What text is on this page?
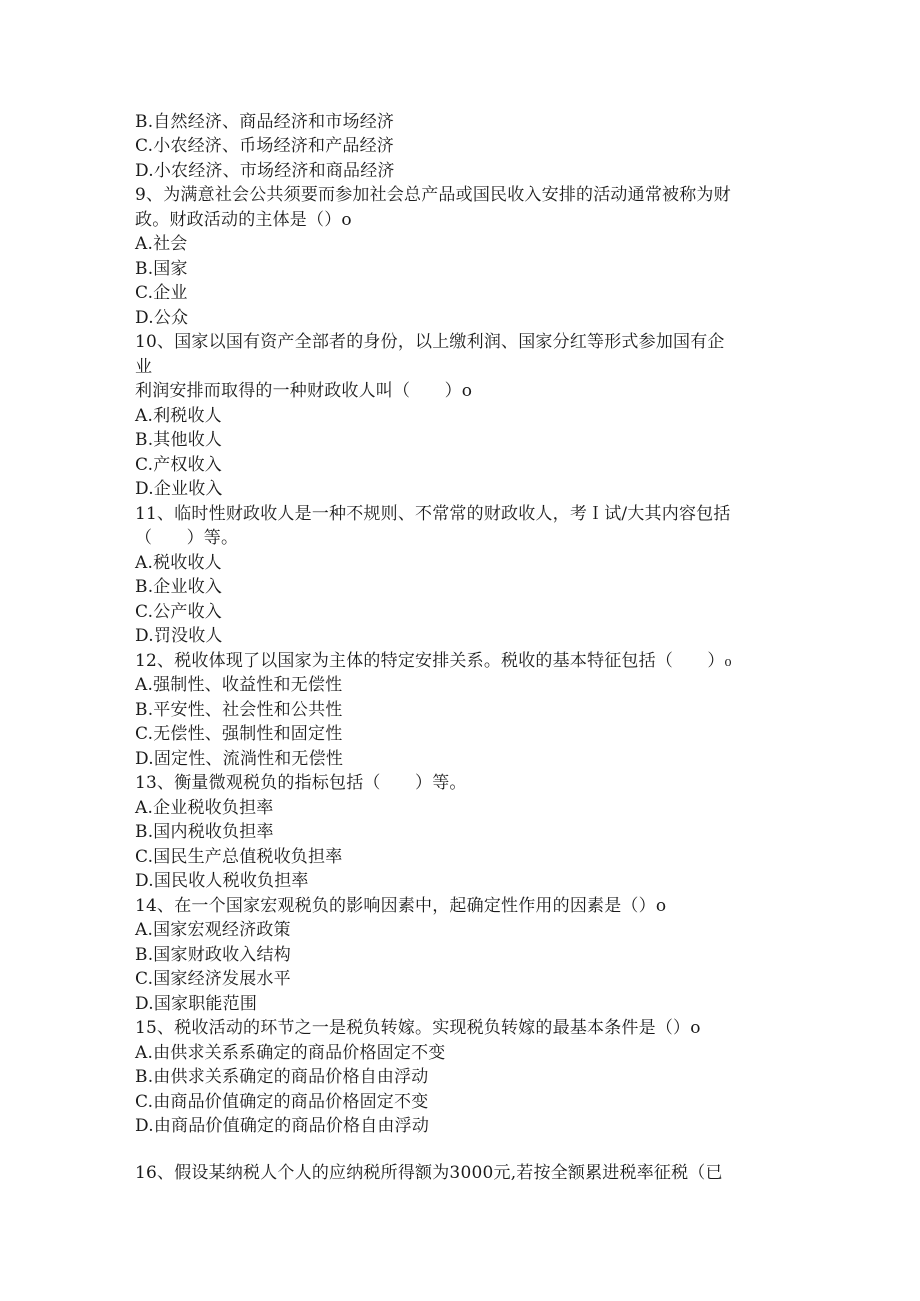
B.自然经济、商品经济和市场经济
C.小农经济、币场经济和产品经济
D.小农经济、市场经济和商品经济
9、为满意社会公共须要而参加社会总产品或国民收入安排的活动通常被称为财
政。财政活动的主体是（）o
A.社会
B.国家
C.企业
D.公众
10、国家以国有资产全部者的身份，以上缴利润、国家分红等形式参加国有企
业
利润安排而取得的一种财政收人叫（　　）o
A.利税收人
B.其他收人
C.产权收入
D.企业收入
11、临时性财政收人是一种不规则、不常常的财政收人，考Ｉ试/大其内容包括
（　　）等。
A.税收收人
B.企业收入
C.公产收入
D.罚没收人
12、税收体现了以国家为主体的特定安排关系。税收的基本特征包括（　　）₀
A.强制性、收益性和无偿性
B.平安性、社会性和公共性
C.无偿性、强制性和固定性
D.固定性、流淌性和无偿性
13、衡量微观税负的指标包括（　　）等。
A.企业税收负担率
B.国内税收负担率
C.国民生产总值税收负担率
D.国民收人税收负担率
14、在一个国家宏观税负的影响因素中，起确定性作用的因素是（）o
A.国家宏观经济政策
B.国家财政收入结构
C.国家经济发展水平
D.国家职能范围
15、税收活动的环节之一是税负转嫁。实现税负转嫁的最基本条件是（）o
A.由供求关系系确定的商品价格固定不变
B.由供求关系确定的商品价格自由浮动
C.由商品价值确定的商品价格固定不变
D.由商品价值确定的商品价格自由浮动
16、假设某纳税人个人的应纳税所得额为3000元,若按全额累进税率征税（已
